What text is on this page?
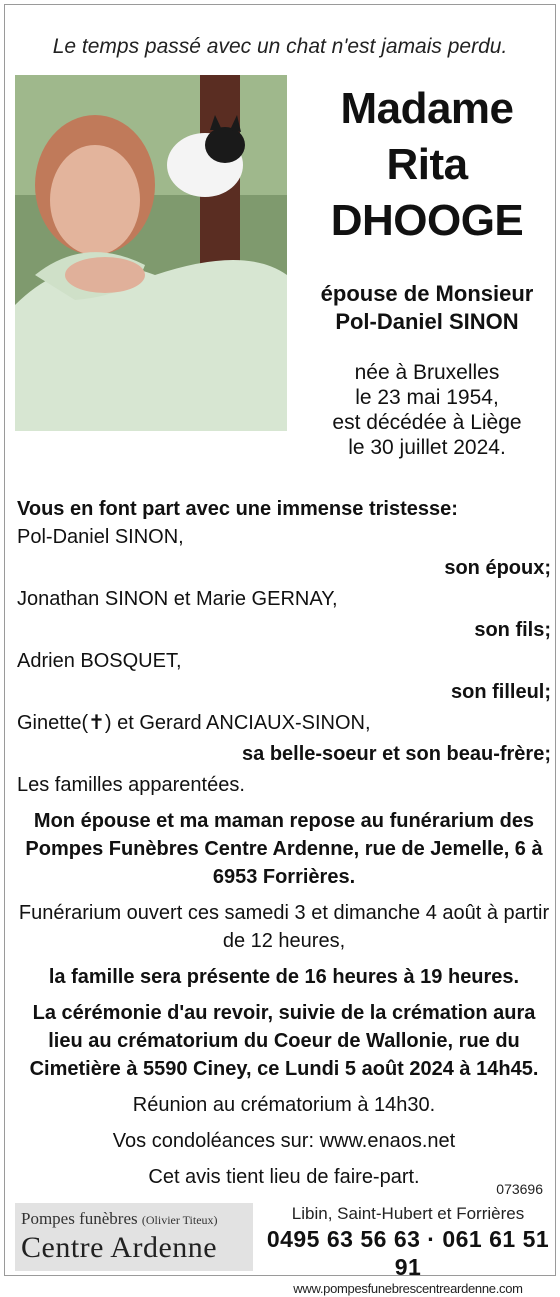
Le temps passé avec un chat n'est jamais perdu.
Madame
Rita
DHOOGE
épouse de Monsieur
Pol-Daniel SINON
née à Bruxelles
le 23 mai 1954,
est décédée à Liège
le 30 juillet 2024.
Vous en font part avec une immense tristesse:
Pol-Daniel SINON,
son époux;
Jonathan SINON et Marie GERNAY,
son fils;
Adrien BOSQUET,
son filleul;
Ginette(✝) et Gerard ANCIAUX-SINON,
sa belle-soeur et son beau-frère;
Les familles apparentées.
Mon épouse et ma maman repose au funérarium des Pompes Funèbres Centre Ardenne, rue de Jemelle, 6 à 6953 Forrières.
Funérarium ouvert ces samedi 3 et dimanche 4 août à partir de 12 heures,
la famille sera présente de 16 heures à 19 heures.
La cérémonie d'au revoir, suivie de la crémation aura lieu au crématorium du Coeur de Wallonie, rue du Cimetière à 5590 Ciney, ce Lundi 5 août 2024 à 14h45.
Réunion au crématorium à 14h30.
Vos condoléances sur: www.enaos.net
Cet avis tient lieu de faire-part.
073696
Pompes funèbres (Olivier Titeux)
Centre Ardenne
Libin, Saint-Hubert et Forrières
0495 63 56 63 · 061 61 51 91
www.pompesfunebrescentreardenne.com
